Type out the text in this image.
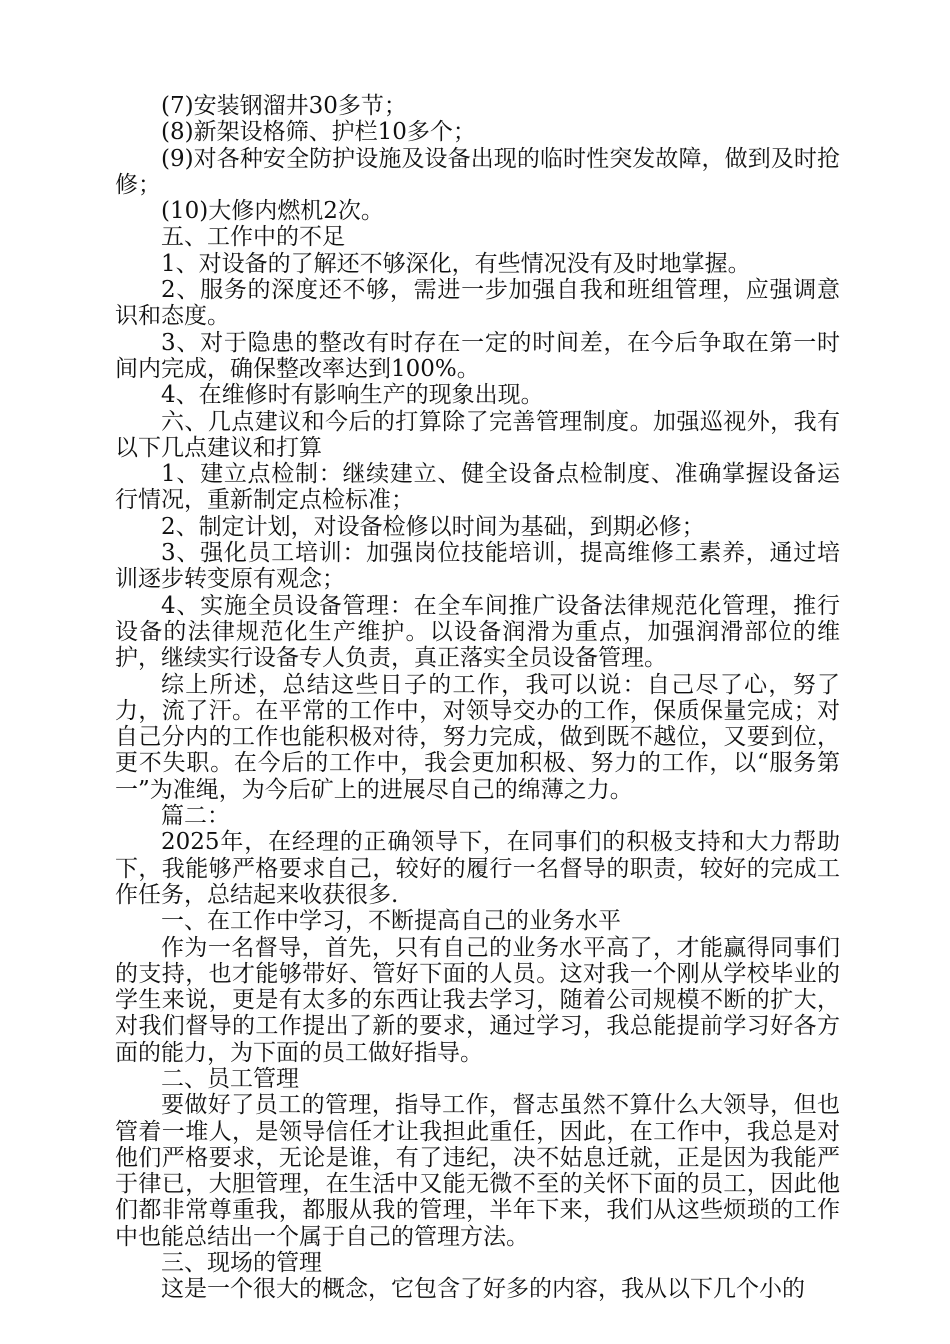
(7)安装钢溜井30多节；

(8)新架设格筛、护栏10多个；

(9)对各种安全防护设施及设备出现的临时性突发故障，做到及时抢修；

(10)大修内燃机2次。

五、工作中的不足

1、对设备的了解还不够深化，有些情况没有及时地掌握。

2、服务的深度还不够，需进一步加强自我和班组管理，应强调意识和态度。

3、对于隐患的整改有时存在一定的时间差，在今后争取在第一时间内完成，确保整改率达到100%。

4、在维修时有影响生产的现象出现。

六、几点建议和今后的打算除了完善管理制度。加强巡视外，我有以下几点建议和打算

1、建立点检制：继续建立、健全设备点检制度、准确掌握设备运行情况，重新制定点检标准；

2、制定计划，对设备检修以时间为基础，到期必修；

3、强化员工培训：加强岗位技能培训，提高维修工素养，通过培训逐步转变原有观念；

4、实施全员设备管理：在全车间推广设备法律规范化管理，推行设备的法律规范化生产维护。以设备润滑为重点，加强润滑部位的维护，继续实行设备专人负责，真正落实全员设备管理。

综上所述，总结这些日子的工作，我可以说：自己尽了心，努了力，流了汗。在平常的工作中，对领导交办的工作，保质保量完成；对自己分内的工作也能积极对待，努力完成，做到既不越位，又要到位，更不失职。在今后的工作中，我会更加积极、努力的工作，以“服务第一”为准绳，为今后矿上的进展尽自己的绵薄之力。

篇二：

2025年，在经理的正确领导下，在同事们的积极支持和大力帮助下，我能够严格要求自己，较好的履行一名督导的职责，较好的完成工作任务，总结起来收获很多.

一、在工作中学习，不断提高自己的业务水平

作为一名督导，首先，只有自己的业务水平高了，才能赢得同事们的支持，也才能够带好、管好下面的人员。这对我一个刚从学校毕业的学生来说，更是有太多的东西让我去学习，随着公司规模不断的扩大，对我们督导的工作提出了新的要求，通过学习，我总能提前学习好各方面的能力，为下面的员工做好指导。

二、员工管理

要做好了员工的管理，指导工作，督志虽然不算什么大领导，但也管着一堆人，是领导信任才让我担此重任，因此，在工作中，我总是对他们严格要求，无论是谁，有了违纪，决不姑息迁就，正是因为我能严于律已，大胆管理，在生活中又能无微不至的关怀下面的员工，因此他们都非常尊重我，都服从我的管理，半年下来，我们从这些烦琐的工作中也能总结出一个属于自己的管理方法。

三、现场的管理

这是一个很大的概念，它包含了好多的内容，我从以下几个小的
